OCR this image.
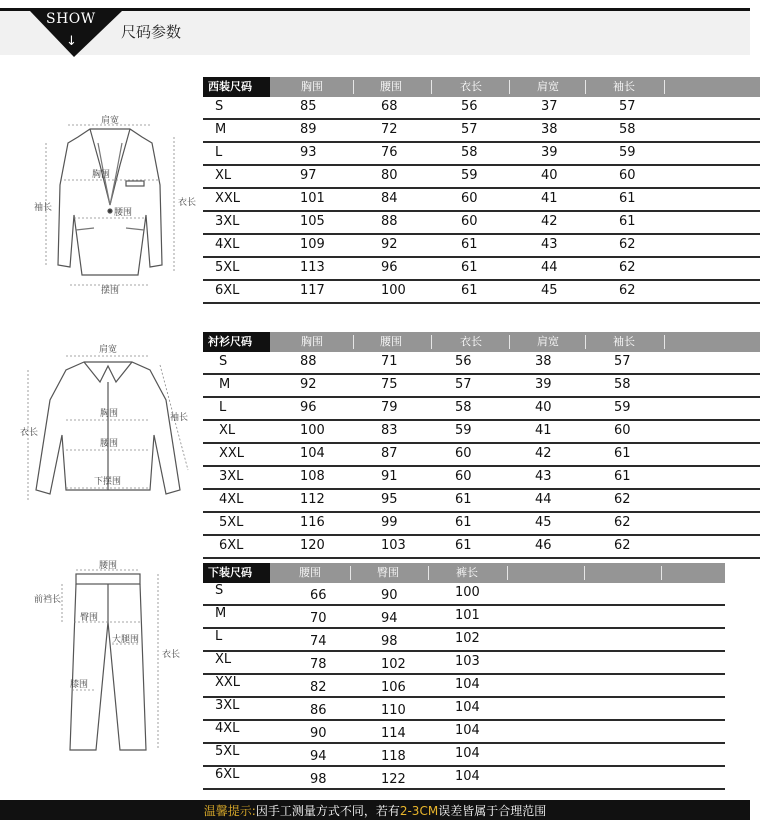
SHOW
↓
尺码参数
肩宽
胸围
腰围
摆围
袖长	衣长
肩宽
胸围
腰围
下摆围
衣长
袖长
腰围
前裆长
臀围
大腿围
衣长
膝围
西装尺码	胸围	腰围	衣长	肩宽	袖长
S	85	68	56	37	57
M	89	72	57	38	58
L	93	76	58	39	59
XL	97	80	59	40	60
XXL	101	84	60	41	61
3XL	105	88	60	42	61
4XL	109	92	61	43	62
5XL	113	96	61	44	62
6XL	117	100	61	45	62
衬衫尺码	胸围	腰围	衣长	肩宽	袖长
S	88	71	56	38	57
M	92	75	57	39	58
L	96	79	58	40	59
XL	100	83	59	41	60
XXL	104	87	60	42	61
3XL	108	91	60	43	61
4XL	112	95	61	44	62
5XL	116	99	61	45	62
6XL	120	103	61	46	62
下装尺码	腰围	臀围	裤长
S	66	90	100
M	70	94	101
L	74	98	102
XL	78	102	103
XXL	82	106	104
3XL	86	110	104
4XL	90	114	104
5XL	94	118	104
6XL	98	122	104
温馨提示:因手工测量方式不同，若有2-3CM误差皆属于合理范围
